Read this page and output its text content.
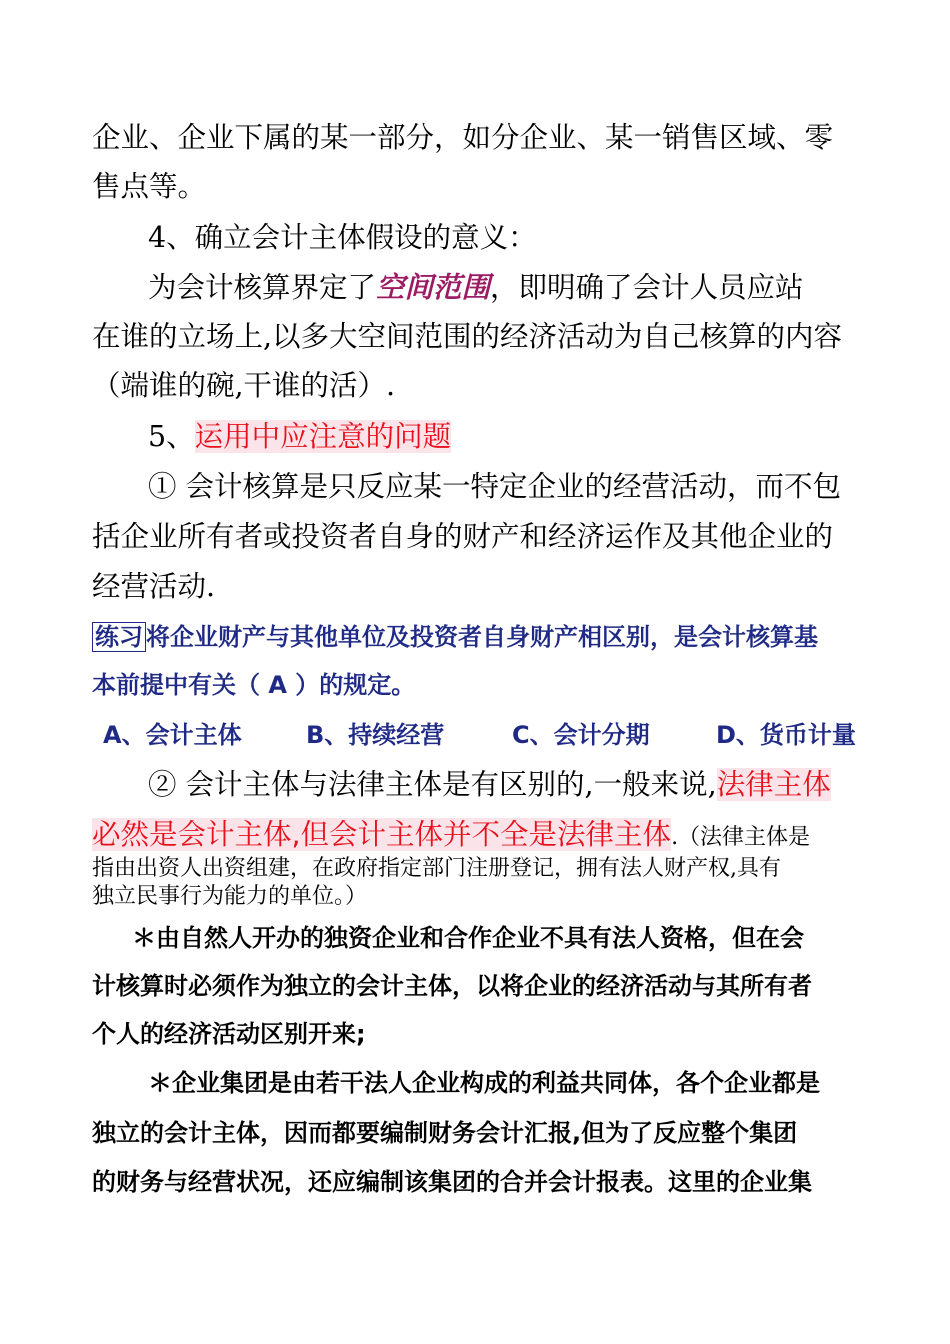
企业、企业下属的某一部分，如分企业、某一销售区域、零
售点等。
4、确立会计主体假设的意义：
为会计核算界定了空间范围，即明确了会计人员应站
在谁的立场上,以多大空间范围的经济活动为自己核算的内容
（端谁的碗,干谁的活）.
5、运用中应注意的问题
① 会计核算是只反应某一特定企业的经营活动，而不包
括企业所有者或投资者自身的财产和经济运作及其他企业的
经营活动.
练习 将企业财产与其他单位及投资者自身财产相区别，是会计核算基
本前提中有关（ A ）的规定。
A、会计主体	B、持续经营	C、会计分期	D、货币计量
② 会计主体与法律主体是有区别的,一般来说,法律主体
必然是会计主体,但会计主体并不全是法律主体.（法律主体是
指由出资人出资组建，在政府指定部门注册登记，拥有法人财产权,具有
独立民事行为能力的单位。）
＊由自然人开办的独资企业和合作企业不具有法人资格，但在会
计核算时必须作为独立的会计主体，以将企业的经济活动与其所有者
个人的经济活动区别开来;
＊企业集团是由若干法人企业构成的利益共同体，各个企业都是
独立的会计主体，因而都要编制财务会计汇报,但为了反应整个集团
的财务与经营状况，还应编制该集团的合并会计报表。这里的企业集
